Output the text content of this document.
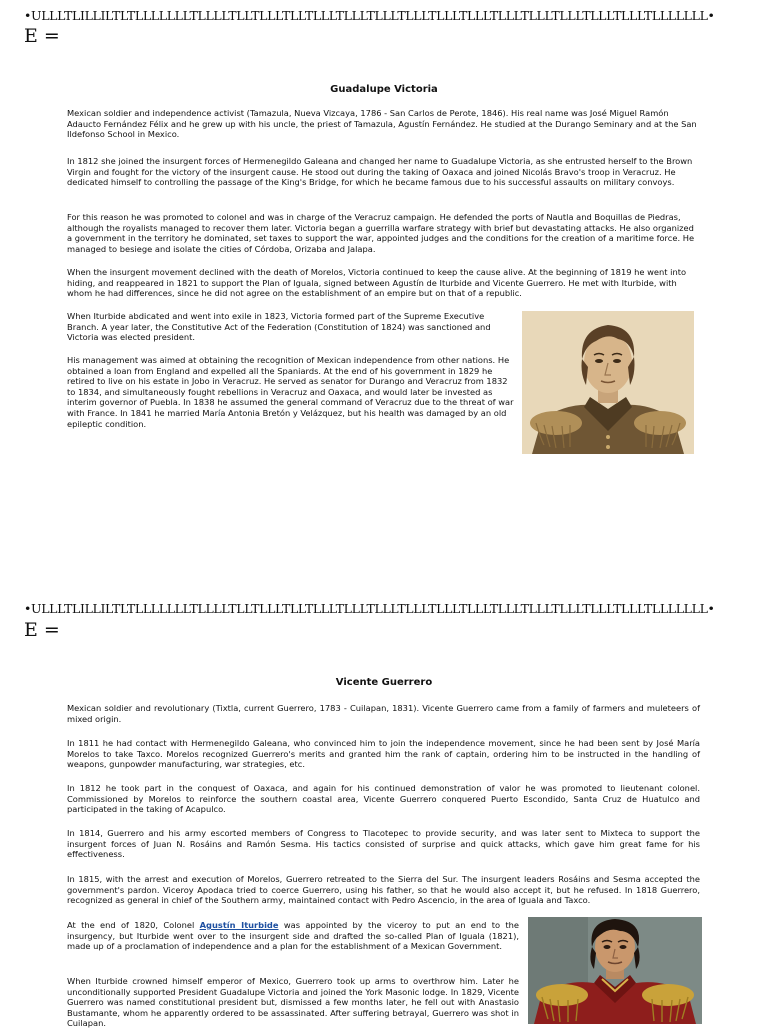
•ULLLTLILLILTLTLLLLLLLTLLLLTLLTLLLTLLTLLLTLLLTLLLTLLLTLLLTLLLTLLLTLLLTLLLTLLLTLLLTLLLLLLL•
E =
Guadalupe Victoria

Mexican soldier and independence activist (Tamazula, Nueva Vizcaya, 1786 - San Carlos de Perote, 1846). His real name was José Miguel Ramón Adaucto Fernández Félix and he grew up with his uncle, the priest of Tamazula, Agustín Fernández. He studied at the Durango Seminary and at the San Ildefonso School in Mexico.

In 1812 she joined the insurgent forces of Hermenegildo Galeana and changed her name to Guadalupe Victoria, as she entrusted herself to the Brown Virgin and fought for the victory of the insurgent cause. He stood out during the taking of Oaxaca and joined Nicolás Bravo's troop in Veracruz. He dedicated himself to controlling the passage of the King's Bridge, for which he became famous due to his successful assaults on military convoys.

For this reason he was promoted to colonel and was in charge of the Veracruz campaign. He defended the ports of Nautla and Boquillas de Piedras, although the royalists managed to recover them later. Victoria began a guerrilla warfare strategy with brief but devastating attacks. He also organized a government in the territory he dominated, set taxes to support the war, appointed judges and the conditions for the creation of a maritime force. He managed to besiege and isolate the cities of Córdoba, Orizaba and Jalapa.

When the insurgent movement declined with the death of Morelos, Victoria continued to keep the cause alive. At the beginning of 1819 he went into hiding, and reappeared in 1821 to support the Plan of Iguala, signed between Agustín de Iturbide and Vicente Guerrero. He met with Iturbide, with whom he had differences, since he did not agree on the establishment of an empire but on that of a republic.

When Iturbide abdicated and went into exile in 1823, Victoria formed part of the Supreme Executive Branch. A year later, the Constitutive Act of the Federation (Constitution of 1824) was sanctioned and Victoria was elected president.

His management was aimed at obtaining the recognition of Mexican independence from other nations. He obtained a loan from England and expelled all the Spaniards. At the end of his government in 1829 he retired to live on his estate in Jobo in Veracruz. He served as senator for Durango and Veracruz from 1832 to 1834, and simultaneously fought rebellions in Veracruz and Oaxaca, and would later be invested as interim governor of Puebla. In 1838 he assumed the general command of Veracruz due to the threat of war with France. In 1841 he married María Antonia Bretón y Velázquez, but his health was damaged by an old epileptic condition.

•ULLLTLILLILTLTLLLLLLLTLLLLTLLTLLLTLLTLLLTLLLTLLLTLLLTLLLTLLLTLLLTLLLTLLLTLLLTLLLTLLLLLLL•
E =
Vicente Guerrero

Mexican soldier and revolutionary (Tixtla, current Guerrero, 1783 - Cuilapan, 1831). Vicente Guerrero came from a family of farmers and muleteers of mixed origin.

In 1811 he had contact with Hermenegildo Galeana, who convinced him to join the independence movement, since he had been sent by José María Morelos to take Taxco. Morelos recognized Guerrero's merits and granted him the rank of captain, ordering him to be instructed in the handling of weapons, gunpowder manufacturing, war strategies, etc.

In 1812 he took part in the conquest of Oaxaca, and again for his continued demonstration of valor he was promoted to lieutenant colonel. Commissioned by Morelos to reinforce the southern coastal area, Vicente Guerrero conquered Puerto Escondido, Santa Cruz de Huatulco and participated in the taking of Acapulco.

In 1814, Guerrero and his army escorted members of Congress to Tlacotepec to provide security, and was later sent to Mixteca to support the insurgent forces of Juan N. Rosáins and Ramón Sesma. His tactics consisted of surprise and quick attacks, which gave him great fame for his effectiveness.

In 1815, with the arrest and execution of Morelos, Guerrero retreated to the Sierra del Sur. The insurgent leaders Rosáins and Sesma accepted the government's pardon. Viceroy Apodaca tried to coerce Guerrero, using his father, so that he would also accept it, but he refused. In 1818 Guerrero, recognized as general in chief of the Southern army, maintained contact with Pedro Ascencio, in the area of Iguala and Taxco.

At the end of 1820, Colonel Agustín Iturbide was appointed by the viceroy to put an end to the insurgency, but Iturbide went over to the insurgent side and drafted the so-called Plan of Iguala (1821), made up of a proclamation of independence and a plan for the establishment of a Mexican Government.

When Iturbide crowned himself emperor of Mexico, Guerrero took up arms to overthrow him. Later he unconditionally supported President Guadalupe Victoria and joined the York Masonic lodge. In 1829, Vicente Guerrero was named constitutional president but, dismissed a few months later, he fell out with Anastasio Bustamante, whom he apparently ordered to be assassinated. After suffering betrayal, Guerrero was shot in Cuilapan.
